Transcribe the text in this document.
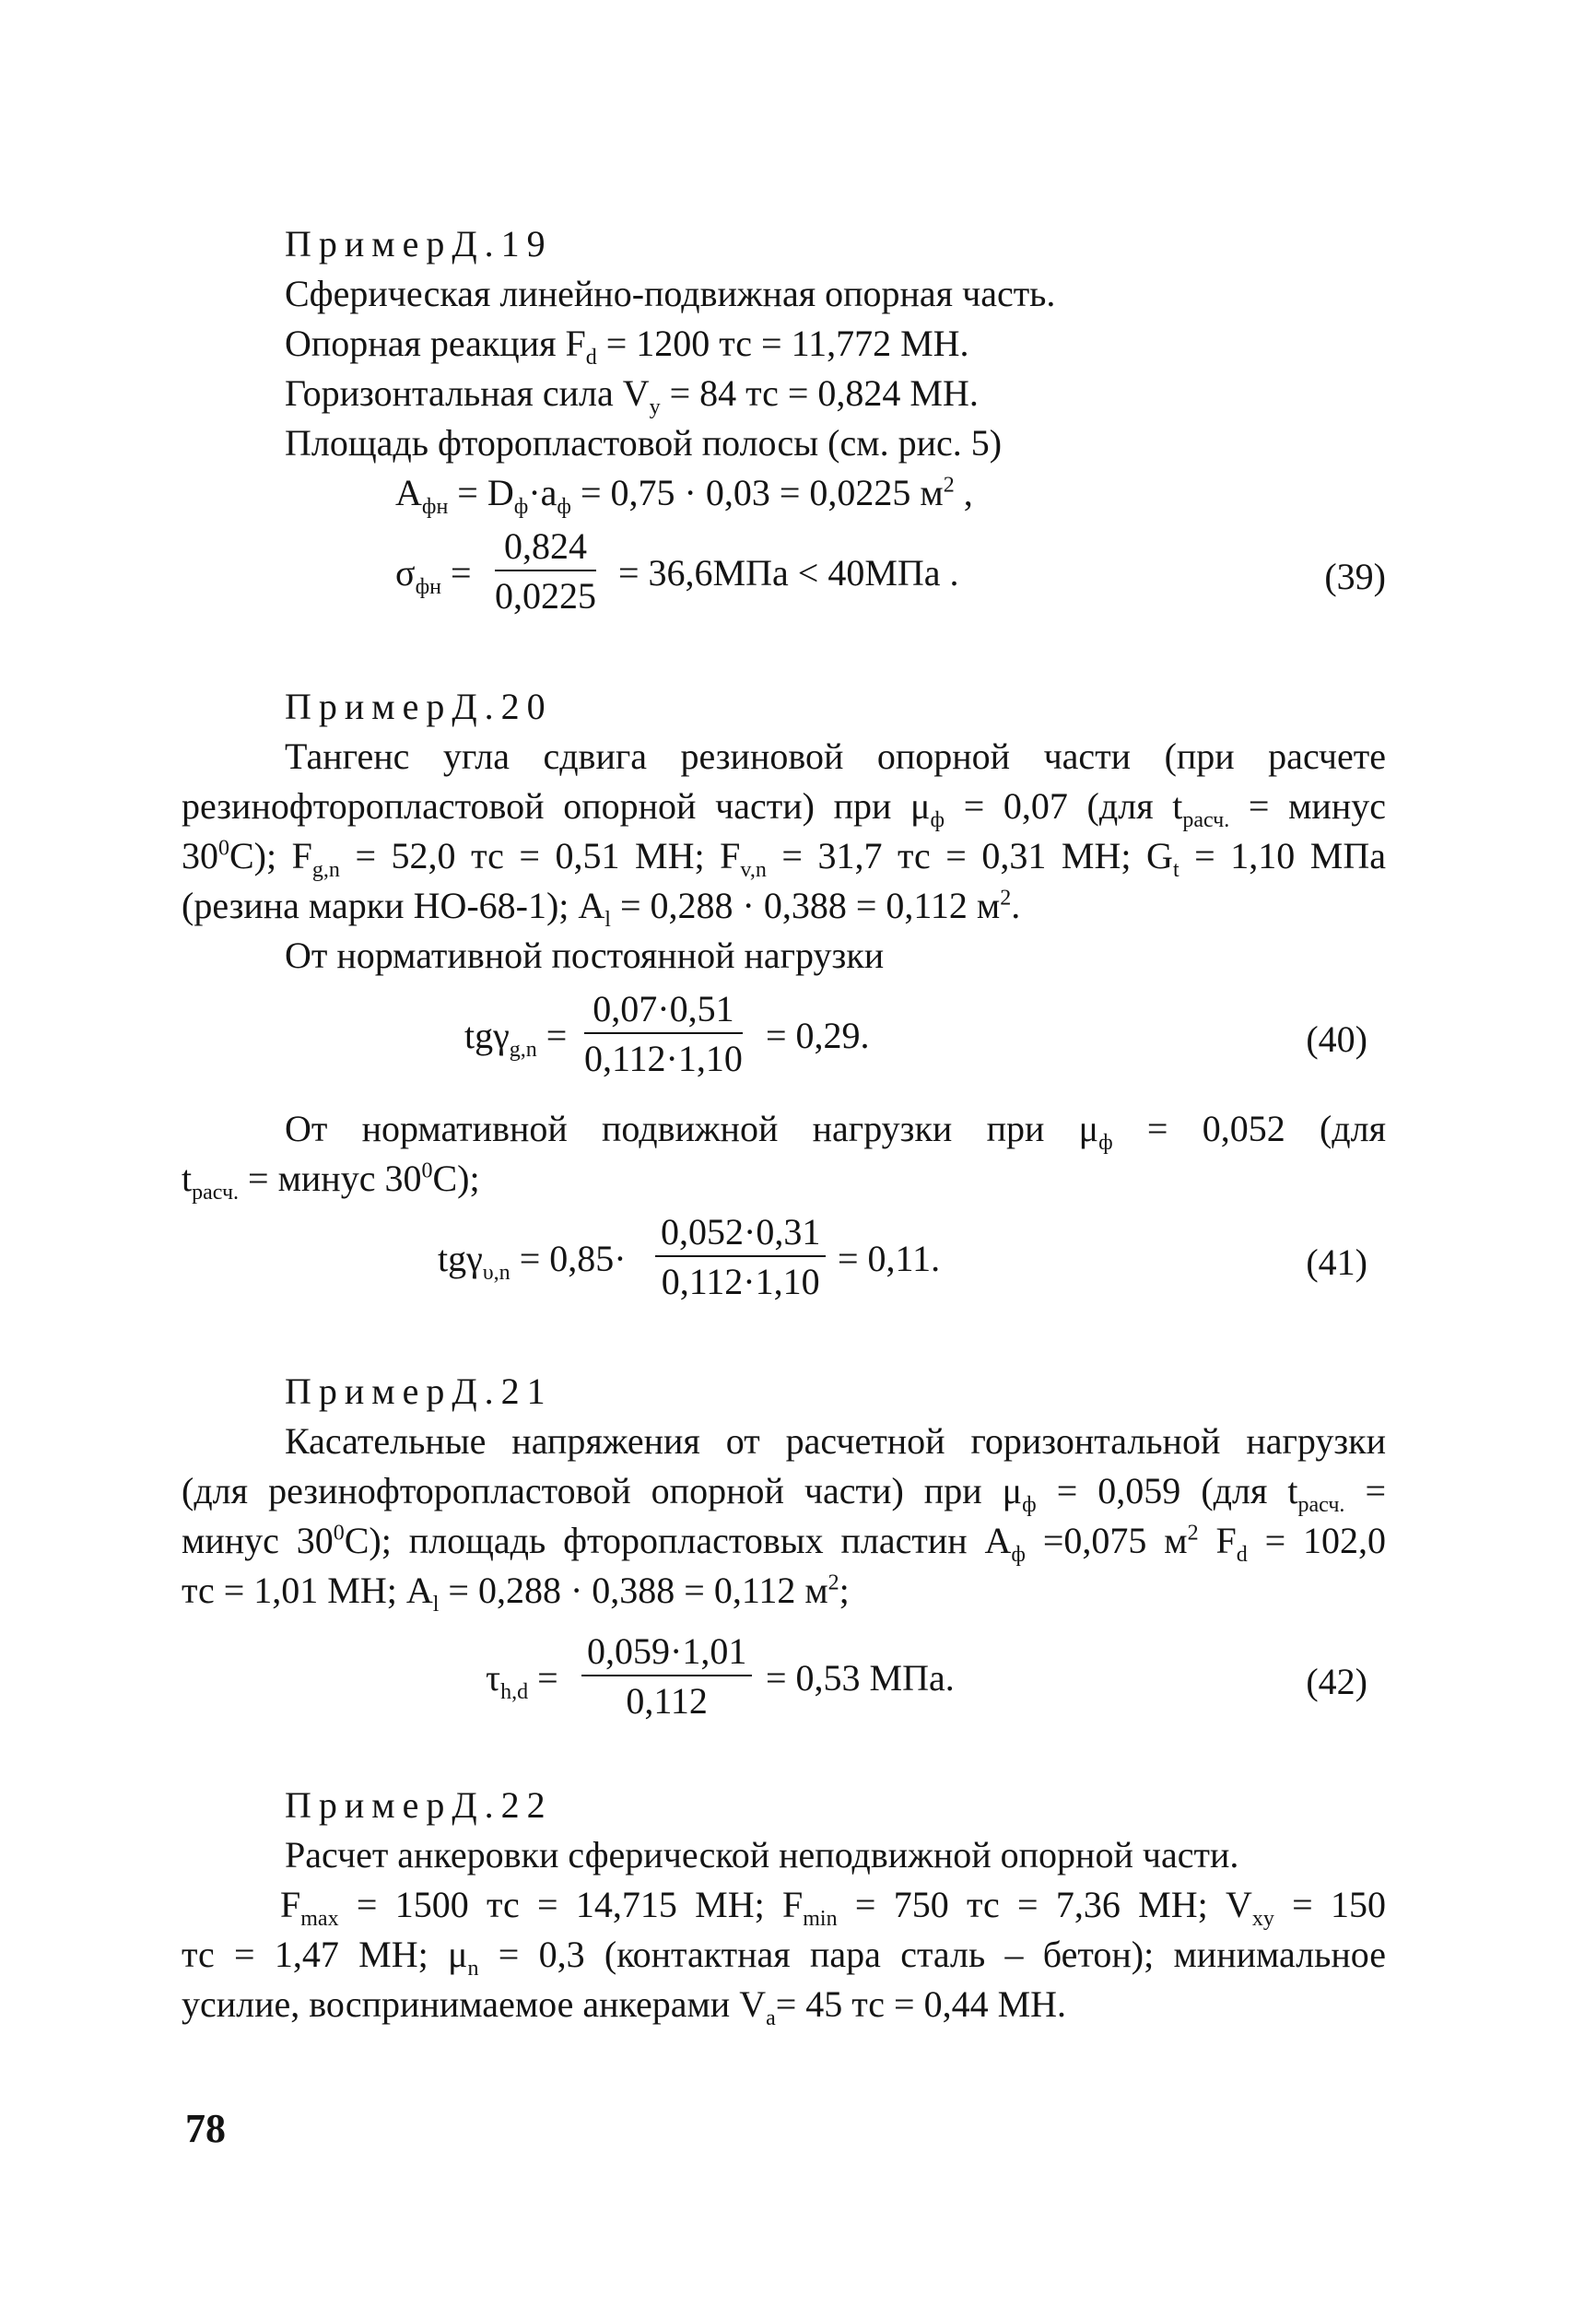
ПримерД.19

Сферическая линейно-подвижная опорная часть.

Опорная реакция $F_d = 1200$ тс = 11,772 МН.

Горизонтальная сила $V_y = 84$ тс = 0,824 МН.

Площадь фторопластовой полосы (см. рис. 5)

$A_{фн} = D_ф\cdot a_ф = 0,75 \cdot 0,03 = 0,0225$ $м^2$ ,

$\sigma_{фн} = \frac{0,824}{0,0225} = 36,6МПа < 40МПа$ .	(39)

ПримерД.20

Тангенс угла сдвига резиновой опорной части (при расчете

резинофторопластовой опорной части) при $\mu_ф = 0,07$ (для $t_{расч.}$ = минус

$30^0С$); $F_{g,n} = 52,0$ тс = 0,51 МН; $F_{v,n} = 31,7$ тс = 0,31 МН; $G_t = 1,10$ МПа

(резина марки НО-68-1); $A_l = 0,288 \cdot 0,388 = 0,112$ $м^2$.

От нормативной постоянной нагрузки

$tg\gamma_{g,n} = \frac{0,07\cdot 0,51}{0,112\cdot 1,10} = 0,29$.	(40)

От нормативной подвижной нагрузки при $\mu_ф = 0,052$ (для

$t_{расч.}$ = минус $30^0С$);

$tg\gamma_{\upsilon,n} = 0,85\cdot \frac{0,052\cdot 0,31}{0,112\cdot 1,10} = 0,11$.	(41)

ПримерД.21

Касательные напряжения от расчетной горизонтальной нагрузки

(для резинофторопластовой опорной части) при $\mu_ф = 0,059$ (для $t_{расч.}$ =

минус $30^0С$); площадь фторопластовых пластин $A_ф =0,075$ $м^2$ $F_d = 102,0$

тс = 1,01 МН; $A_l = 0,288 \cdot 0,388 = 0,112$ $м^2$;

$\tau_{h,d} = \frac{0,059\cdot 1,01}{0,112} = 0,53$ МПа.	(42)

ПримерД.22

Расчет анкеровки сферической неподвижной опорной части.

$F_{max} = 1500$ тс = 14,715 МН; $F_{min} = 750$ тс = 7,36 МН; $V_{xy} = 150$

тс = 1,47 МН; $\mu_n = 0,3$ (контактная пара сталь – бетон); минимальное

усилие, воспринимаемое анкерами $V_a= 45$ тс = 0,44 МН.

78
